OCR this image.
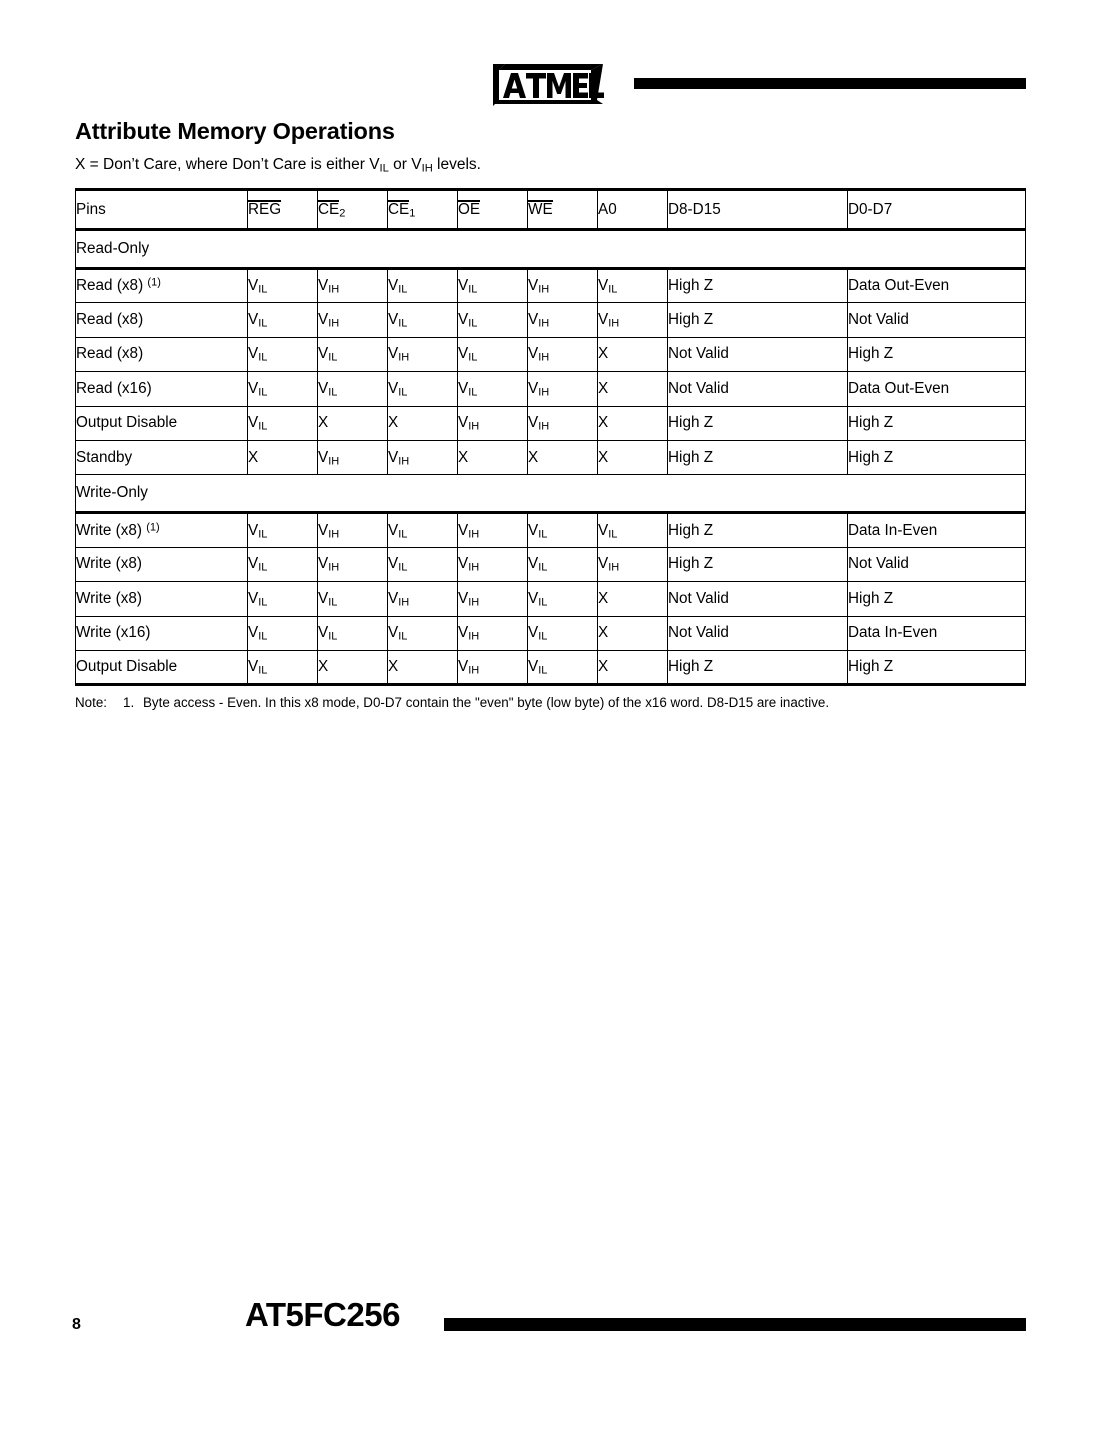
Attribute Memory Operations

X = Don’t Care, where Don’t Care is either $V_{IL}$ or $V_{IH}$ levels.

Pins	REG	$CE_2$	$CE_1$	OE	WE	A0	D8-D15	D0-D7
Read-Only								
Read (x8) $^{(1)}$	$V_{IL}$	$V_{IH}$	$V_{IL}$	$V_{IL}$	$V_{IH}$	$V_{IL}$	High Z	Data Out-Even
Read (x8)	$V_{IL}$	$V_{IH}$	$V_{IL}$	$V_{IL}$	$V_{IH}$	$V_{IH}$	High Z	Not Valid
Read (x8)	$V_{IL}$	$V_{IL}$	$V_{IH}$	$V_{IL}$	$V_{IH}$	X	Not Valid	High Z
Read (x16)	$V_{IL}$	$V_{IL}$	$V_{IL}$	$V_{IL}$	$V_{IH}$	X	Not Valid	Data Out-Even
Output Disable	$V_{IL}$	X	X	$V_{IH}$	$V_{IH}$	X	High Z	High Z
Standby	X	$V_{IH}$	$V_{IH}$	X	X	X	High Z	High Z
Write-Only								
Write (x8) $^{(1)}$	$V_{IL}$	$V_{IH}$	$V_{IL}$	$V_{IH}$	$V_{IL}$	$V_{IL}$	High Z	Data In-Even
Write (x8)	$V_{IL}$	$V_{IH}$	$V_{IL}$	$V_{IH}$	$V_{IL}$	$V_{IH}$	High Z	Not Valid
Write (x8)	$V_{IL}$	$V_{IL}$	$V_{IH}$	$V_{IH}$	$V_{IL}$	X	Not Valid	High Z
Write (x16)	$V_{IL}$	$V_{IL}$	$V_{IL}$	$V_{IH}$	$V_{IL}$	X	Not Valid	Data In-Even
Output Disable	$V_{IL}$	X	X	$V_{IH}$	$V_{IL}$	X	High Z	High Z
Note: 1. Byte access - Even. In this x8 mode, D0-D7 contain the "even" byte (low byte) of the x16 word. D8-D15 are inactive.
8	AT5FC256
